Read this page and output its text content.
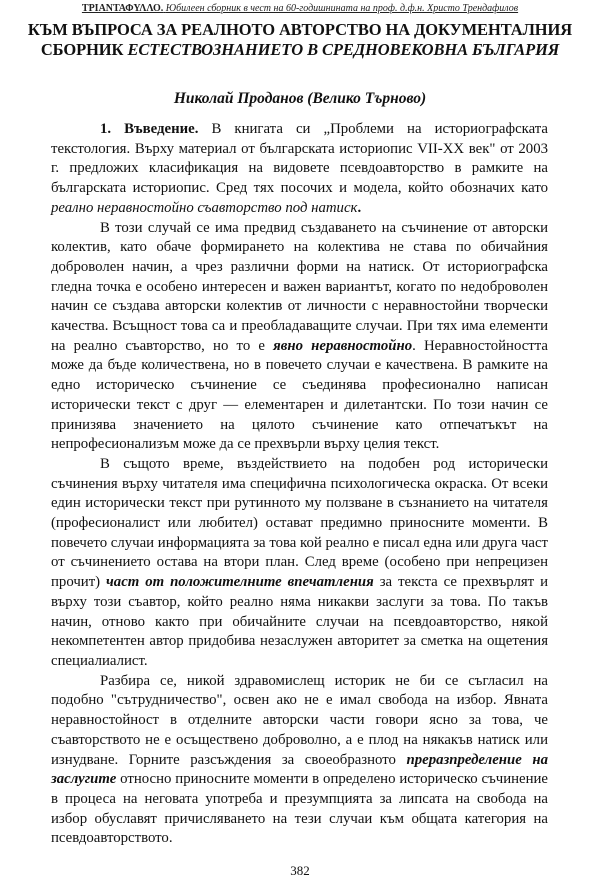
ΤΡΙΑΝΤΑΦΥΛΛΟ. Юбилеен сборник в чест на 60-годишнината на проф. д.ф.н. Христо Трендафилов
КЪМ ВЪПРОСА ЗА РЕАЛНОТО АВТОРСТВО НА ДОКУМЕНТАЛНИЯ
СБОРНИК ЕСТЕСТВОЗНАНИЕТО В СРЕДНОВЕКОВНА БЪЛГАРИЯ
Николай Проданов (Велико Търново)

1. Въведение. В книгата си „Проблеми на историографската текстология. Върху материал от българската историопис VII-XX век" от 2003 г. предложих класификация на видовете псевдоавторство в рамките на българската историопис. Сред тях посочих и модела, който обозначих като реално неравностойно съавторство под натиск.

В този случай се има предвид създаването на съчинение от авторски колектив, като обаче формирането на колектива не става по обичайния доброволен начин, а чрез различни форми на натиск. От историографска гледна точка е особено интересен и важен вариантът, когато по недоброволен начин се създава авторски колектив от личности с неравностойни творчески качества. Всъщност това са и преобладаващите случаи. При тях има елементи на реално съавторство, но то е явно неравностойно. Неравностойността може да бъде количествена, но в повечето случаи е качествена. В рамките на едно историческо съчинение се съединява професионално написан исторически текст с друг — елементарен и дилетантски. По този начин се принизява значението на цялото съчинение като отпечатъкът на непрофесионализъм може да се прехвърли върху целия текст.

В същото време, въздействието на подобен род исторически съчинения върху читателя има специфична психологическа окраска. От всеки един исторически текст при рутинното му ползване в съзнанието на читателя (професионалист или любител) остават предимно приносните моменти. В повечето случаи информацията за това кой реално е писал една или друга част от съчинението остава на втори план. След време (особено при непрецизен прочит) част от положителните впечатления за текста се прехвърлят и върху този съавтор, който реално няма никакви заслуги за това. По такъв начин, отново както при обичайните случаи на псевдоавторство, някой некомпетентен автор придобива незаслужен авторитет за сметка на ощетения специалиалист.

Разбира се, никой здравомислещ историк не би се съгласил на подобно "сътрудничество", освен ако не е имал свобода на избор. Явната неравностойност в отделните авторски части говори ясно за това, че съавторството не е осъществено доброволно, а е плод на някакъв натиск или изнудване. Горните разсъждения за своеобразното преразпределение на заслугите относно приносните моменти в определено историческо съчинение в процеса на неговата употреба и презумпцията за липсата на свобода на избор обуславят причисляването на тези случаи към общата категория на псевдоавторството.

382
